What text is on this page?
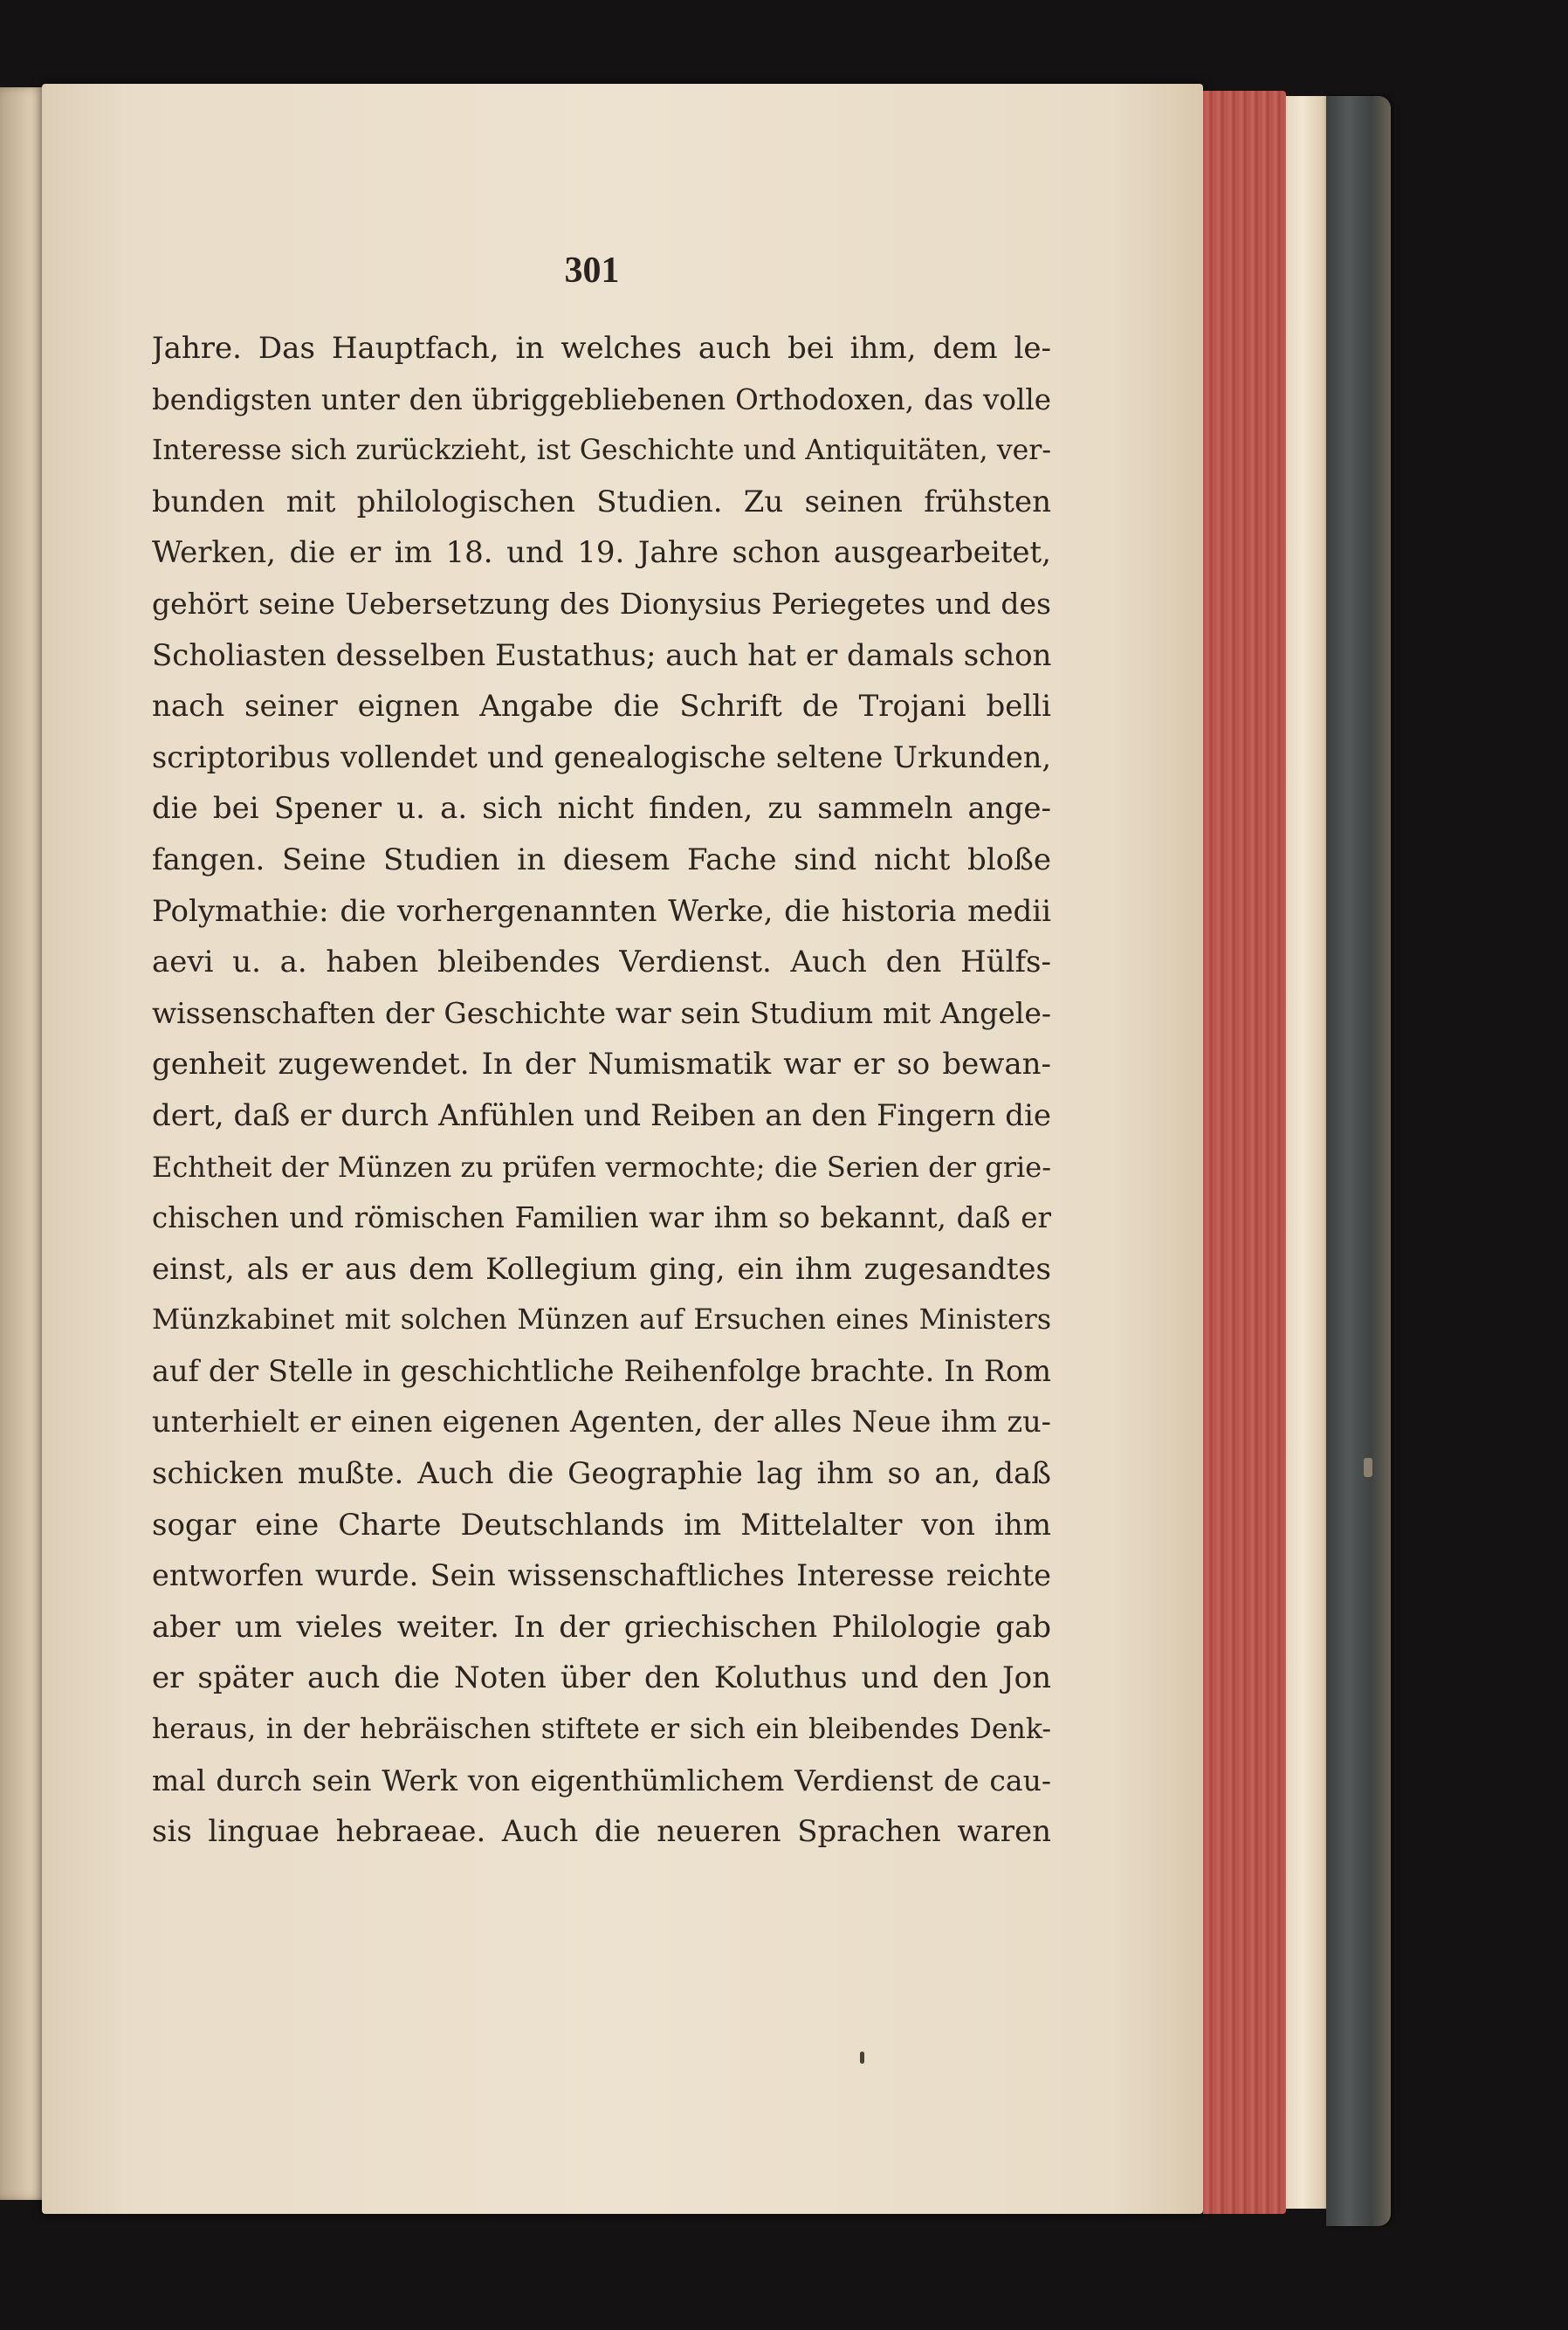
301
Jahre. Das Hauptfach, in welches auch bei ihm, dem le-
bendigsten unter den übriggebliebenen Orthodoxen, das volle
Interesse sich zurückzieht, ist Geschichte und Antiquitäten, ver-
bunden mit philologischen Studien. Zu seinen frühsten
Werken, die er im 18. und 19. Jahre schon ausgearbeitet,
gehört seine Uebersetzung des Dionysius Periegetes und des
Scholiasten desselben Eustathus; auch hat er damals schon
nach seiner eignen Angabe die Schrift de Trojani belli
scriptoribus vollendet und genealogische seltene Urkunden,
die bei Spener u. a. sich nicht finden, zu sammeln ange-
fangen. Seine Studien in diesem Fache sind nicht bloße
Polymathie: die vorhergenannten Werke, die historia medii
aevi u. a. haben bleibendes Verdienst. Auch den Hülfs-
wissenschaften der Geschichte war sein Studium mit Angele-
genheit zugewendet. In der Numismatik war er so bewan-
dert, daß er durch Anfühlen und Reiben an den Fingern die
Echtheit der Münzen zu prüfen vermochte; die Serien der grie-
chischen und römischen Familien war ihm so bekannt, daß er
einst, als er aus dem Kollegium ging, ein ihm zugesandtes
Münzkabinet mit solchen Münzen auf Ersuchen eines Ministers
auf der Stelle in geschichtliche Reihenfolge brachte. In Rom
unterhielt er einen eigenen Agenten, der alles Neue ihm zu-
schicken mußte. Auch die Geographie lag ihm so an, daß
sogar eine Charte Deutschlands im Mittelalter von ihm
entworfen wurde. Sein wissenschaftliches Interesse reichte
aber um vieles weiter. In der griechischen Philologie gab
er später auch die Noten über den Koluthus und den Jon
heraus, in der hebräischen stiftete er sich ein bleibendes Denk-
mal durch sein Werk von eigenthümlichem Verdienst de cau-
sis linguae hebraeae. Auch die neueren Sprachen waren
